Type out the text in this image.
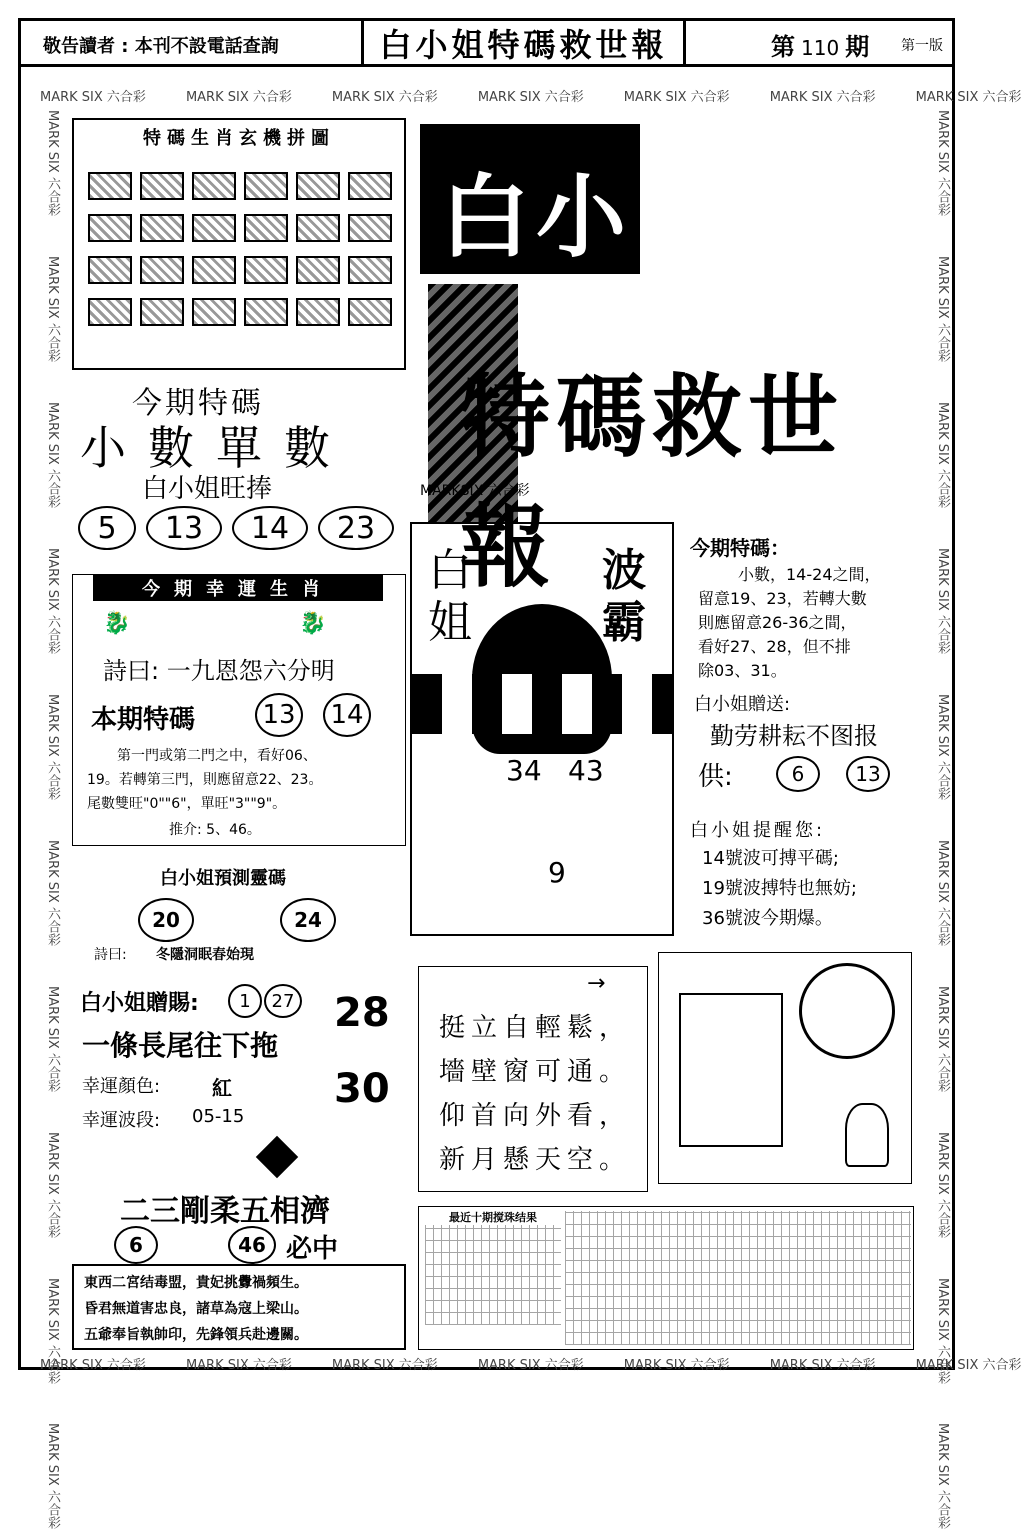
敬告讀者 : 本刊不設電話查詢	白小姐特碼救世報	第 110 期 第一版
MARK SIX 六合彩	MARK SIX 六合彩	MARK SIX 六合彩	MARK SIX 六合彩	MARK SIX 六合彩	MARK SIX 六合彩	MARK SIX 六合彩
MARK SIX 六合彩	MARK SIX 六合彩	MARK SIX 六合彩	MARK SIX 六合彩	MARK SIX 六合彩	MARK SIX 六合彩	MARK SIX 六合彩
MARK SIX 六合彩
MARK SIX 六合彩
MARK SIX 六合彩
MARK SIX 六合彩
MARK SIX 六合彩
MARK SIX 六合彩
MARK SIX 六合彩
MARK SIX 六合彩
MARK SIX 六合彩
MARK SIX 六合彩
MARK SIX 六合彩
MARK SIX 六合彩
MARK SIX 六合彩
MARK SIX 六合彩
MARK SIX 六合彩
MARK SIX 六合彩
MARK SIX 六合彩
MARK SIX 六合彩
MARK SIX 六合彩
MARK SIX 六合彩
特碼生肖玄機拼圖
白小
特碼救世報
MARKSIX 六合彩
今期特碼
小數單數
白小姐旺捧
5	13	14	23
今期幸運生肖
🐉	🐉
詩曰: 一九恩怨六分明
本期特碼	13 14
第一門或第二門之中，看好06、
19。若轉第三門，則應留意22、23。
尾數雙旺"0""6"，單旺"3""9"。
推介: 5、46。
白小姐預測靈碼
20	24
詩曰: 冬隱洞眠春始現
白小姐贈賜:	1	27 28
一條長尾往下拖
幸運顏色:	紅	30
幸運波段: 05-15
二三剛柔五相濟
6	46 必中
東西二宮结毒盟，貴妃挑釁禍頻生。
昏君無道害忠良，諸草為寇上梁山。
五爺奉旨執帥印，先鋒領兵赴邊關。
白
姐
波
霸
34 43
9
今期特碼：
小數，14-24之間，
留意19、23，若轉大數
則應留意26-36之間，
看好27、28，但不排
除03、31。
白小姐贈送:
勤劳耕耘不图报
供:	6	13
白小姐提醒您:
14號波可搏平碼;
19號波搏特也無妨;
36號波今期爆。
→
挺立自輕鬆，
墻壁窗可通。
仰首向外看，
新月懸天空。
最近十期搅珠结果
